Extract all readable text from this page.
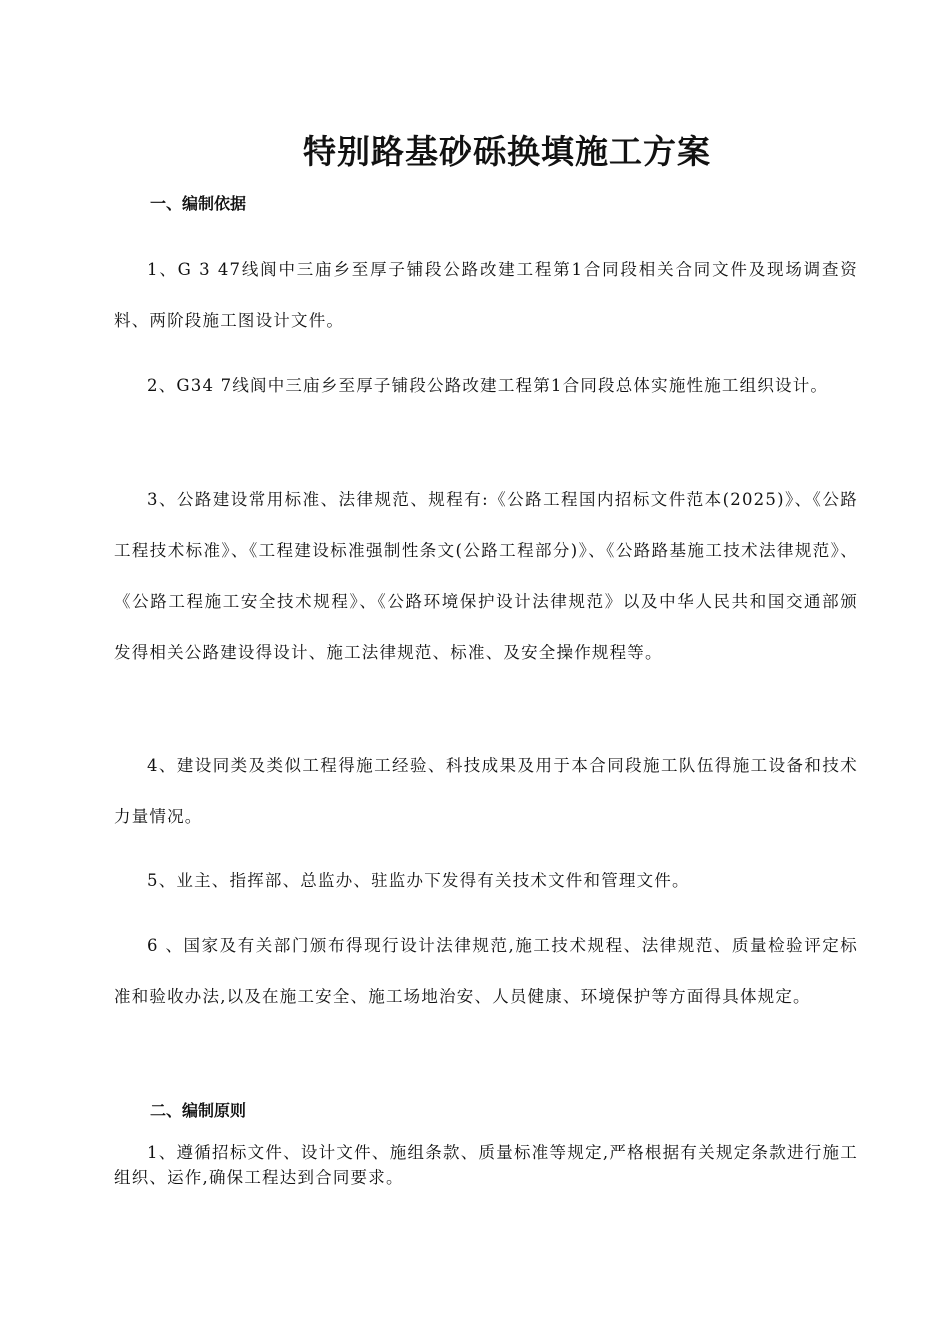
特别路基砂砾换填施工方案
一、编制依据

1、G 3 47线阆中三庙乡至厚子铺段公路改建工程第1合同段相关合同文件及现场调查资料、两阶段施工图设计文件。

2、G34 7线阆中三庙乡至厚子铺段公路改建工程第1合同段总体实施性施工组织设计。

3、公路建设常用标准、法律规范、规程有:《公路工程国内招标文件范本(2025)》、《公路工程技术标准》、《工程建设标准强制性条文(公路工程部分)》、《公路路基施工技术法律规范》、《公路工程施工安全技术规程》、《公路环境保护设计法律规范》以及中华人民共和国交通部颁发得相关公路建设得设计、施工法律规范、标准、及安全操作规程等。

4、建设同类及类似工程得施工经验、科技成果及用于本合同段施工队伍得施工设备和技术力量情况。

5、业主、指挥部、总监办、驻监办下发得有关技术文件和管理文件。

6 、国家及有关部门颁布得现行设计法律规范,施工技术规程、法律规范、质量检验评定标准和验收办法,以及在施工安全、施工场地治安、人员健康、环境保护等方面得具体规定。

二、编制原则

1、遵循招标文件、设计文件、施组条款、质量标准等规定,严格根据有关规定条款进行施工组织、运作,确保工程达到合同要求。
